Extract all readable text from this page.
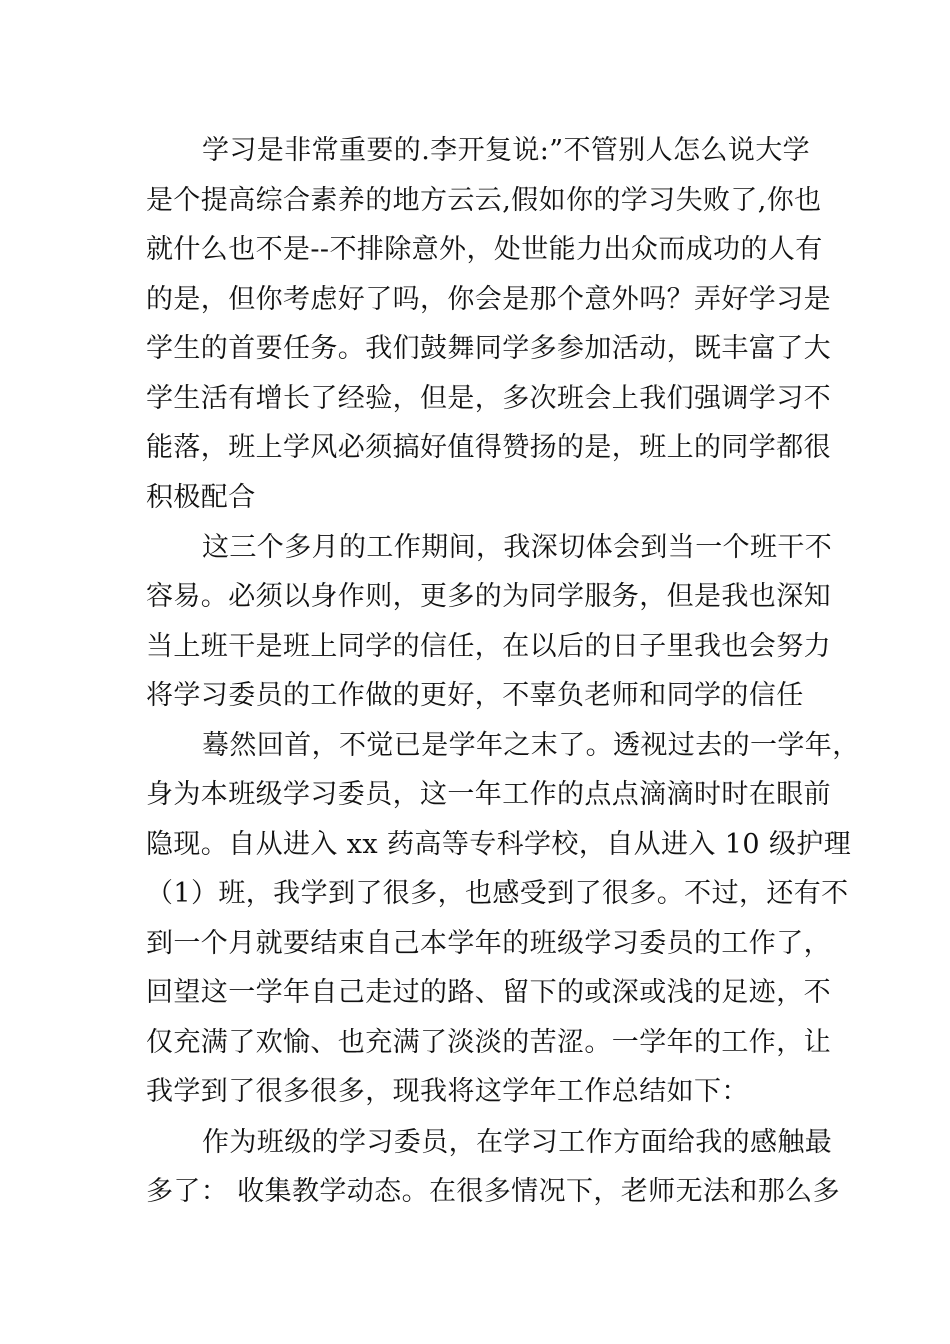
学习是非常重要的.李开复说:”不管别人怎么说大学
是个提高综合素养的地方云云,假如你的学习失败了,你也
就什么也不是--不排除意外，处世能力出众而成功的人有
的是，但你考虑好了吗，你会是那个意外吗？弄好学习是
学生的首要任务。我们鼓舞同学多参加活动，既丰富了大
学生活有增长了经验，但是，多次班会上我们强调学习不
能落，班上学风必须搞好值得赞扬的是，班上的同学都很
积极配合
这三个多月的工作期间，我深切体会到当一个班干不
容易。必须以身作则，更多的为同学服务，但是我也深知
当上班干是班上同学的信任，在以后的日子里我也会努力
将学习委员的工作做的更好，不辜负老师和同学的信任
蓦然回首，不觉已是学年之末了。透视过去的一学年，
身为本班级学习委员，这一年工作的点点滴滴时时在眼前
隐现。自从进入 xx 药高等专科学校，自从进入 10 级护理
（1）班，我学到了很多，也感受到了很多。不过，还有不
到一个月就要结束自己本学年的班级学习委员的工作了，
回望这一学年自己走过的路、留下的或深或浅的足迹，不
仅充满了欢愉、也充满了淡淡的苦涩。一学年的工作，让
我学到了很多很多，现我将这学年工作总结如下：
作为班级的学习委员，在学习工作方面给我的感触最
多了： 收集教学动态。在很多情况下，老师无法和那么多
